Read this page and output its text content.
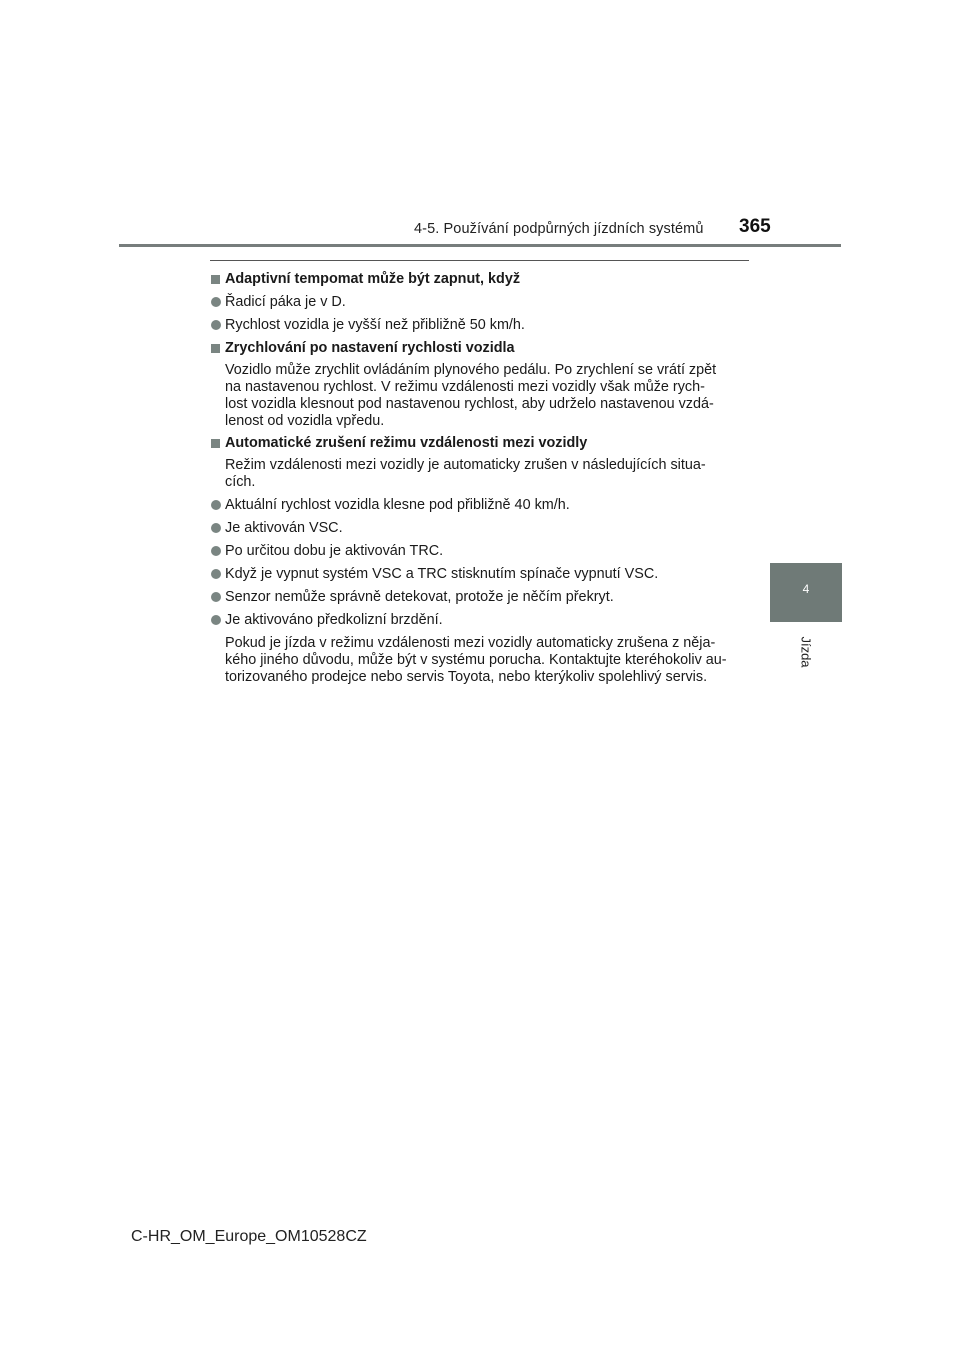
4-5. Používání podpůrných jízdních systémů 365
4
Jízda
Adaptivní tempomat může být zapnut, když
Řadicí páka je v D.
Rychlost vozidla je vyšší než přibližně 50 km/h.
Zrychlování po nastavení rychlosti vozidla
Vozidlo může zrychlit ovládáním plynového pedálu. Po zrychlení se vrátí zpět
na nastavenou rychlost. V režimu vzdálenosti mezi vozidly však může rych-
lost vozidla klesnout pod nastavenou rychlost, aby udrželo nastavenou vzdá-
lenost od vozidla vpředu.
Automatické zrušení režimu vzdálenosti mezi vozidly
Režim vzdálenosti mezi vozidly je automaticky zrušen v následujících situa-
cích.
Aktuální rychlost vozidla klesne pod přibližně 40 km/h.
Je aktivován VSC.
Po určitou dobu je aktivován TRC.
Když je vypnut systém VSC a TRC stisknutím spínače vypnutí VSC.
Senzor nemůže správně detekovat, protože je něčím překryt.
Je aktivováno předkolizní brzdění.
Pokud je jízda v režimu vzdálenosti mezi vozidly automaticky zrušena z něja-
kého jiného důvodu, může být v systému porucha. Kontaktujte kteréhokoliv au-
torizovaného prodejce nebo servis Toyota, nebo kterýkoliv spolehlivý servis.
C-HR_OM_Europe_OM10528CZ
